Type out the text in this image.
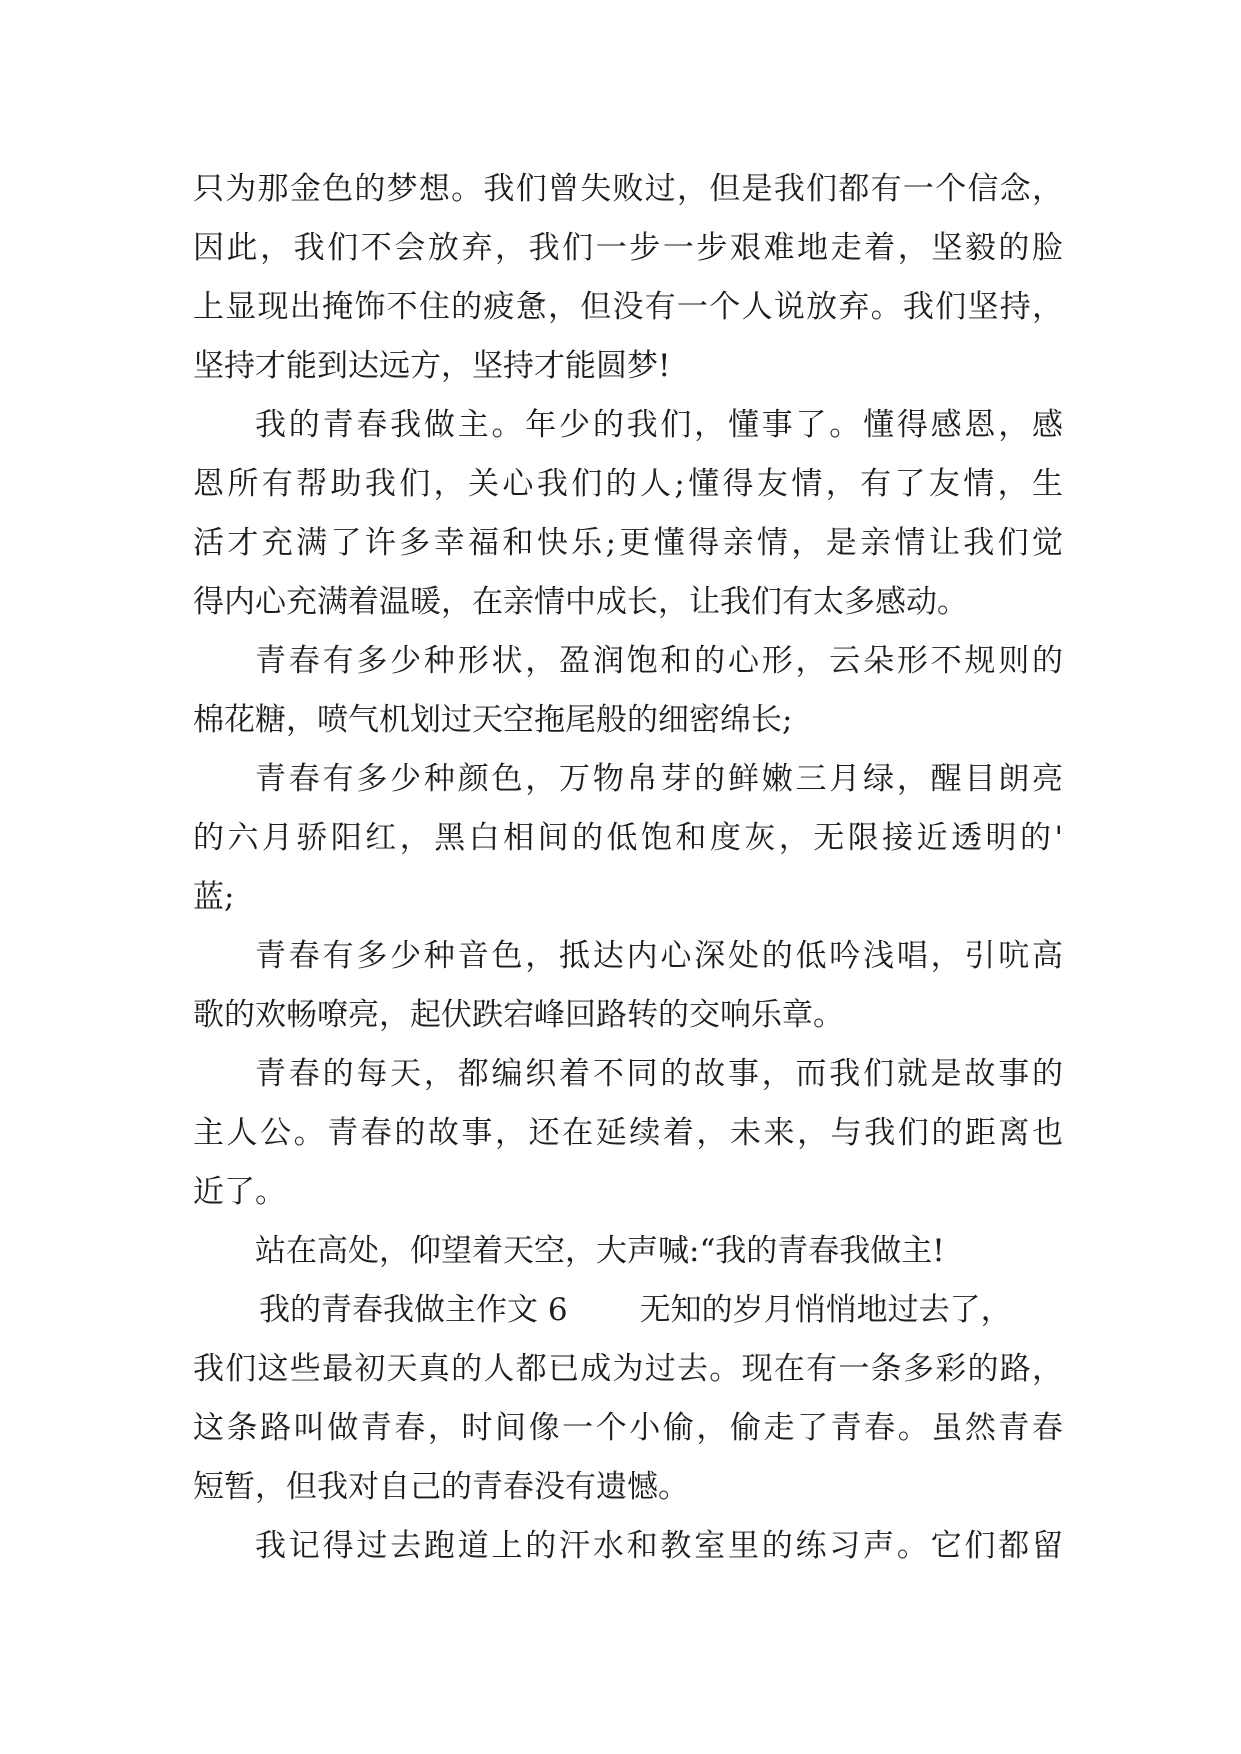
只为那金色的梦想。我们曾失败过，但是我们都有一个信念，
因此，我们不会放弃，我们一步一步艰难地走着，坚毅的脸
上显现出掩饰不住的疲惫，但没有一个人说放弃。我们坚持，
坚持才能到达远方，坚持才能圆梦!
我的青春我做主。年少的我们，懂事了。懂得感恩，感
恩所有帮助我们，关心我们的人;懂得友情，有了友情，生
活才充满了许多幸福和快乐;更懂得亲情，是亲情让我们觉
得内心充满着温暖，在亲情中成长，让我们有太多感动。
青春有多少种形状，盈润饱和的心形，云朵形不规则的
棉花糖，喷气机划过天空拖尾般的细密绵长;
青春有多少种颜色，万物帛芽的鲜嫩三月绿，醒目朗亮
的六月骄阳红，黑白相间的低饱和度灰，无限接近透明的'
蓝;
青春有多少种音色，抵达内心深处的低吟浅唱，引吭高
歌的欢畅嘹亮，起伏跌宕峰回路转的交响乐章。
青春的每天，都编织着不同的故事，而我们就是故事的
主人公。青春的故事，还在延续着，未来，与我们的距离也
近了。
站在高处，仰望着天空，大声喊:“我的青春我做主!
我的青春我做主作文 6 无知的岁月悄悄地过去了，
我们这些最初天真的人都已成为过去。现在有一条多彩的路，
这条路叫做青春，时间像一个小偷，偷走了青春。虽然青春
短暂，但我对自己的青春没有遗憾。
我记得过去跑道上的汗水和教室里的练习声。它们都留
